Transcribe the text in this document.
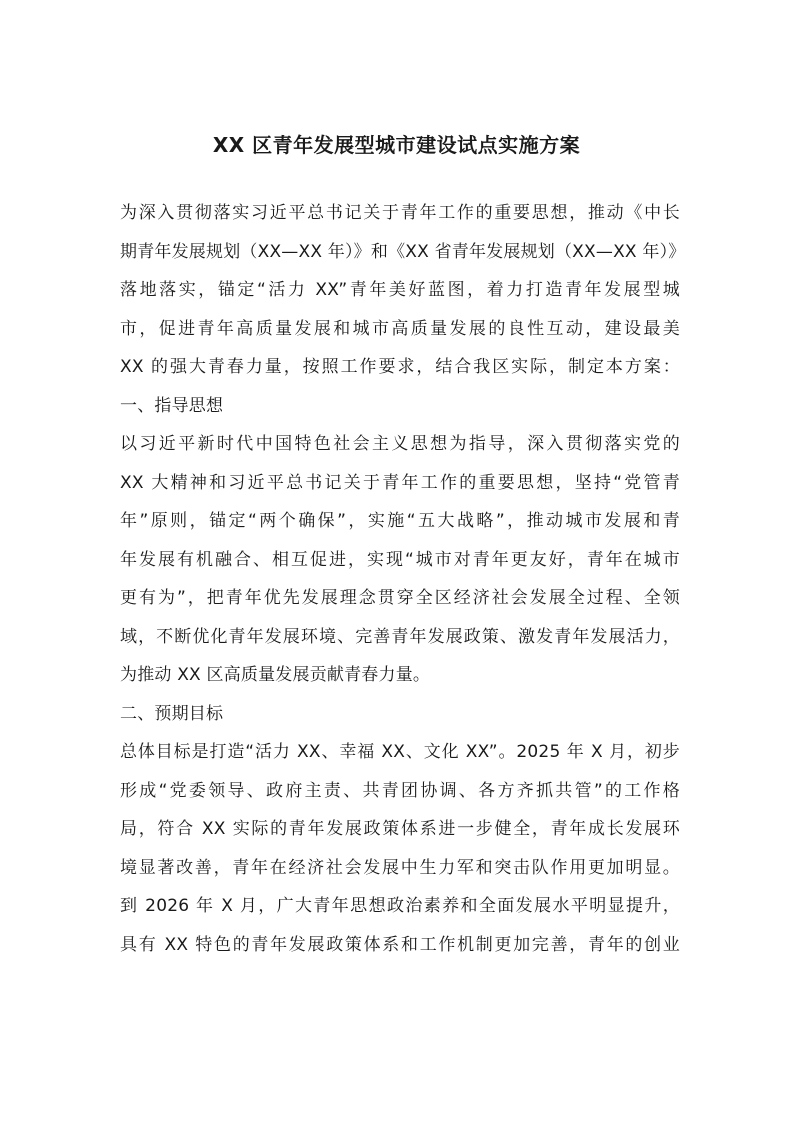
XX 区青年发展型城市建设试点实施方案
为深入贯彻落实习近平总书记关于青年工作的重要思想，推动《中长
期青年发展规划（XX—XX 年）》和《XX 省青年发展规划（XX—XX 年）》
落地落实，锚定“活力 XX”青年美好蓝图，着力打造青年发展型城
市，促进青年高质量发展和城市高质量发展的良性互动，建设最美
XX 的强大青春力量，按照工作要求，结合我区实际，制定本方案：
一、指导思想
以习近平新时代中国特色社会主义思想为指导，深入贯彻落实党的
XX 大精神和习近平总书记关于青年工作的重要思想，坚持“党管青
年”原则，锚定“两个确保”，实施“五大战略”，推动城市发展和青
年发展有机融合、相互促进，实现“城市对青年更友好，青年在城市
更有为”，把青年优先发展理念贯穿全区经济社会发展全过程、全领
域，不断优化青年发展环境、完善青年发展政策、激发青年发展活力，
为推动 XX 区高质量发展贡献青春力量。
二、预期目标
总体目标是打造“活力 XX、幸福 XX、文化 XX”。2025 年 X 月，初步
形成“党委领导、政府主责、共青团协调、各方齐抓共管”的工作格
局，符合 XX 实际的青年发展政策体系进一步健全，青年成长发展环
境显著改善，青年在经济社会发展中生力军和突击队作用更加明显。
到 2026 年 X 月，广大青年思想政治素养和全面发展水平明显提升，
具有 XX 特色的青年发展政策体系和工作机制更加完善，青年的创业
